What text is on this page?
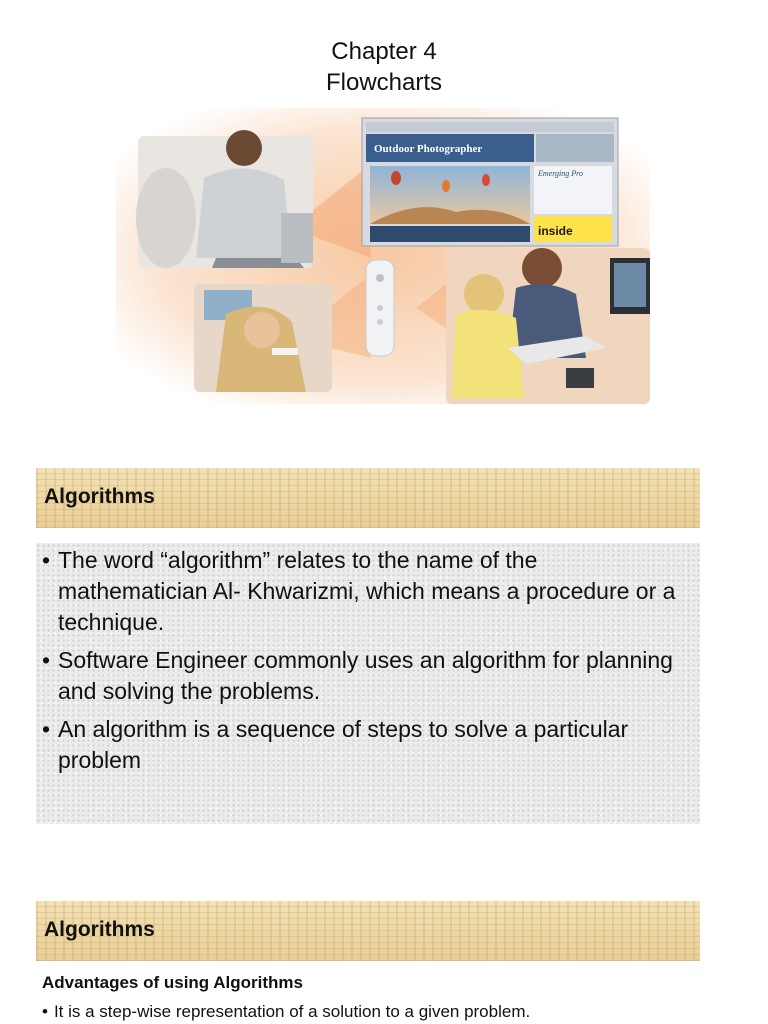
Chapter 4
Flowcharts
Outdoor Photographer
Emerging Pro
inside
Algorithms
• The word “algorithm” relates to the name of the mathematician Al- Khwarizmi, which means a procedure or a technique.
• Software Engineer commonly uses an algorithm for planning and solving the problems.
• An algorithm is a sequence of steps to solve a particular problem
Algorithms
Advantages of using Algorithms
• It is a step-wise representation of a solution to a given problem.
